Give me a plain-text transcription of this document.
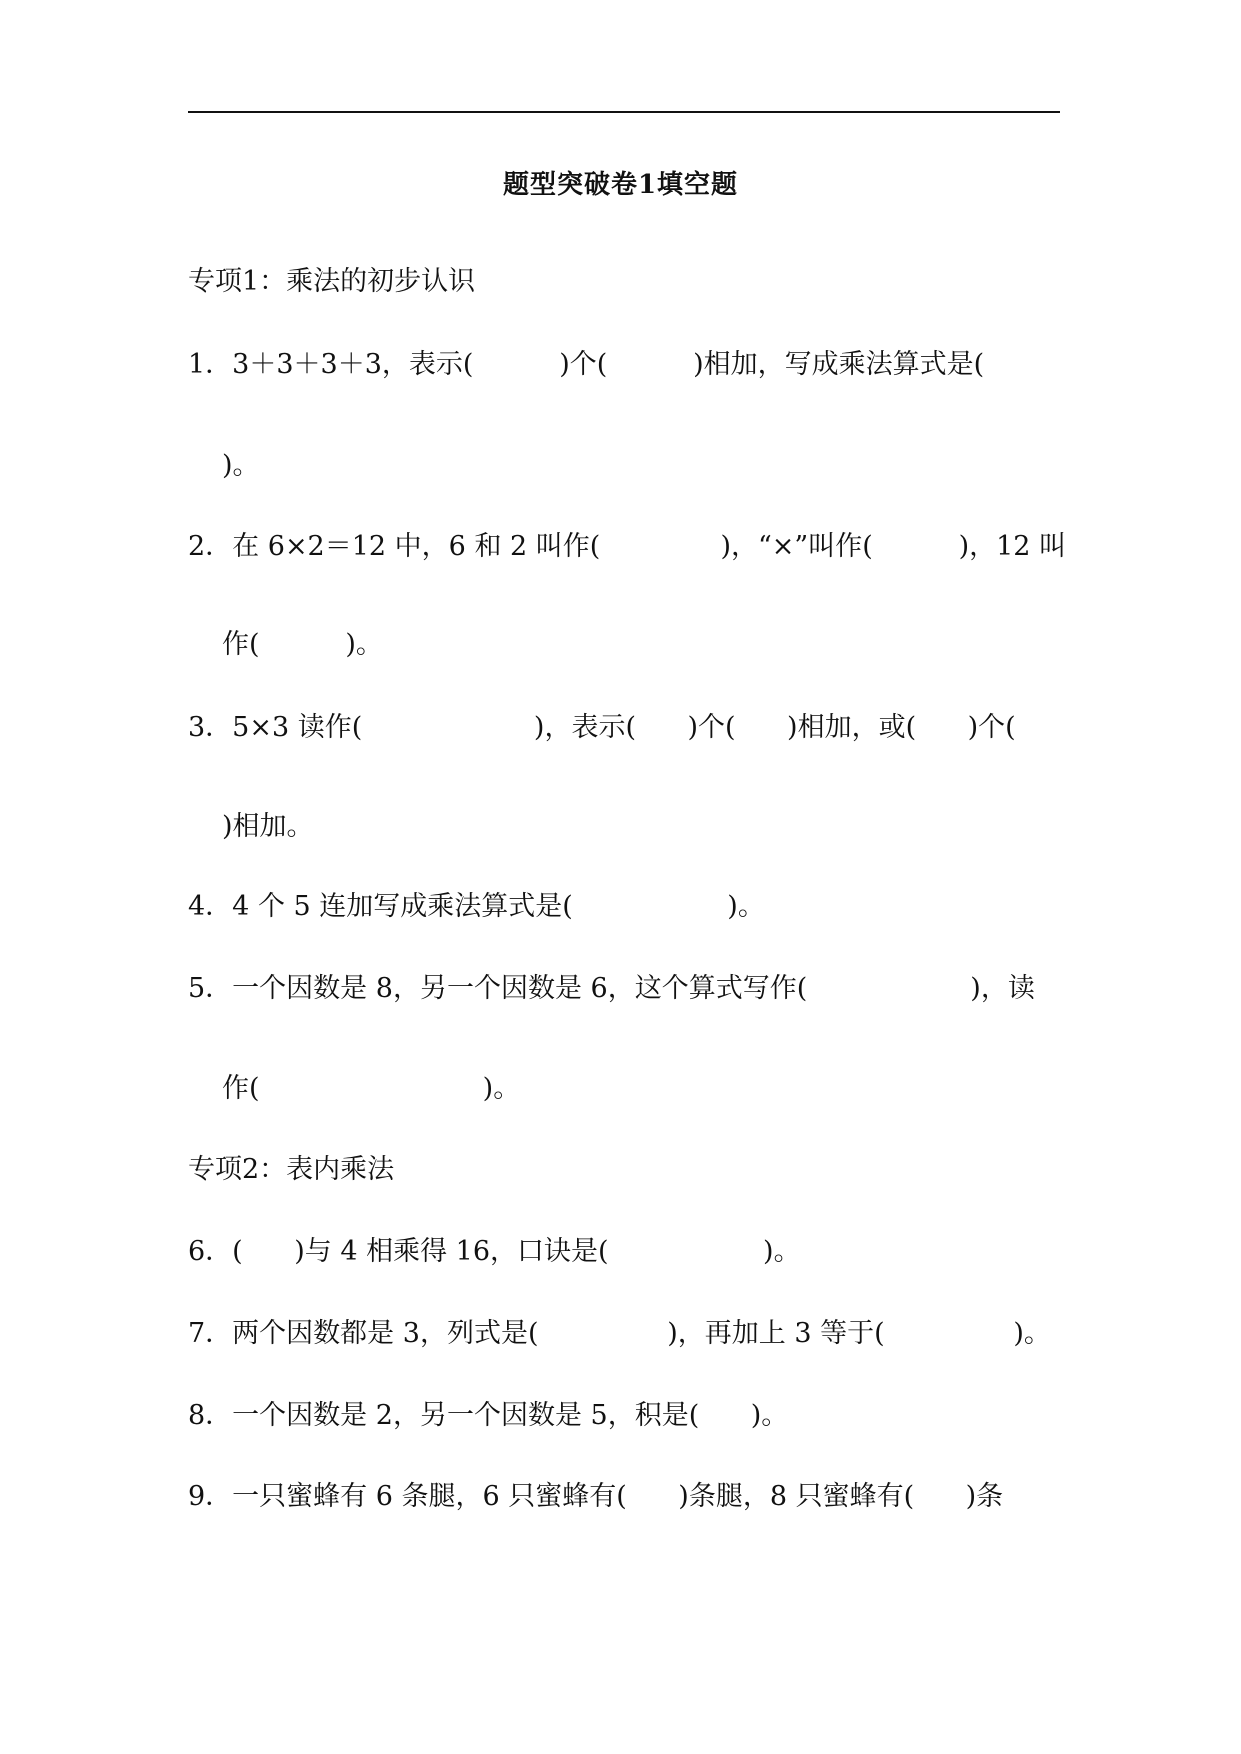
题型突破卷1填空题
专项1：乘法的初步认识
1．3＋3＋3＋3，表示(          )个(          )相加，写成乘法算式是(
)。
2．在 6×2＝12 中，6 和 2 叫作(              )，“×”叫作(          )，12 叫
作(          )。
3．5×3 读作(                    )，表示(      )个(      )相加，或(      )个(
)相加。
4．4 个 5 连加写成乘法算式是(                  )。
5．一个因数是 8，另一个因数是 6，这个算式写作(                   )，读
作(                          )。
专项2：表内乘法
6．(      )与 4 相乘得 16，口诀是(                  )。
7．两个因数都是 3，列式是(               )，再加上 3 等于(               )。
8．一个因数是 2，另一个因数是 5，积是(      )。
9．一只蜜蜂有 6 条腿，6 只蜜蜂有(      )条腿，8 只蜜蜂有(      )条
